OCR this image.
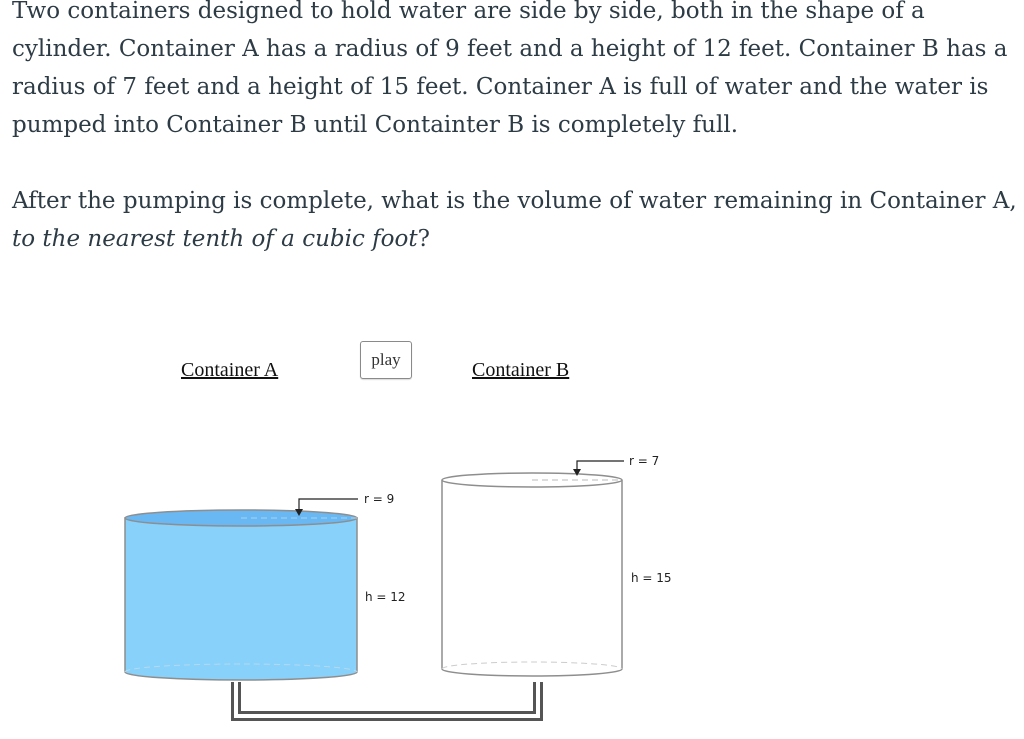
Two containers designed to hold water are side by side, both in the shape of a cylinder. Container A has a radius of 9 feet and a height of 12 feet. Container B has a radius of 7 feet and a height of 15 feet. Container A is full of water and the water is pumped into Container B until Containter B is completely full.

After the pumping is complete, what is the volume of water remaining in Container A, to the nearest tenth of a cubic foot?

r = 9
h = 12
r = 7
h = 15
Container A	play	Container B
